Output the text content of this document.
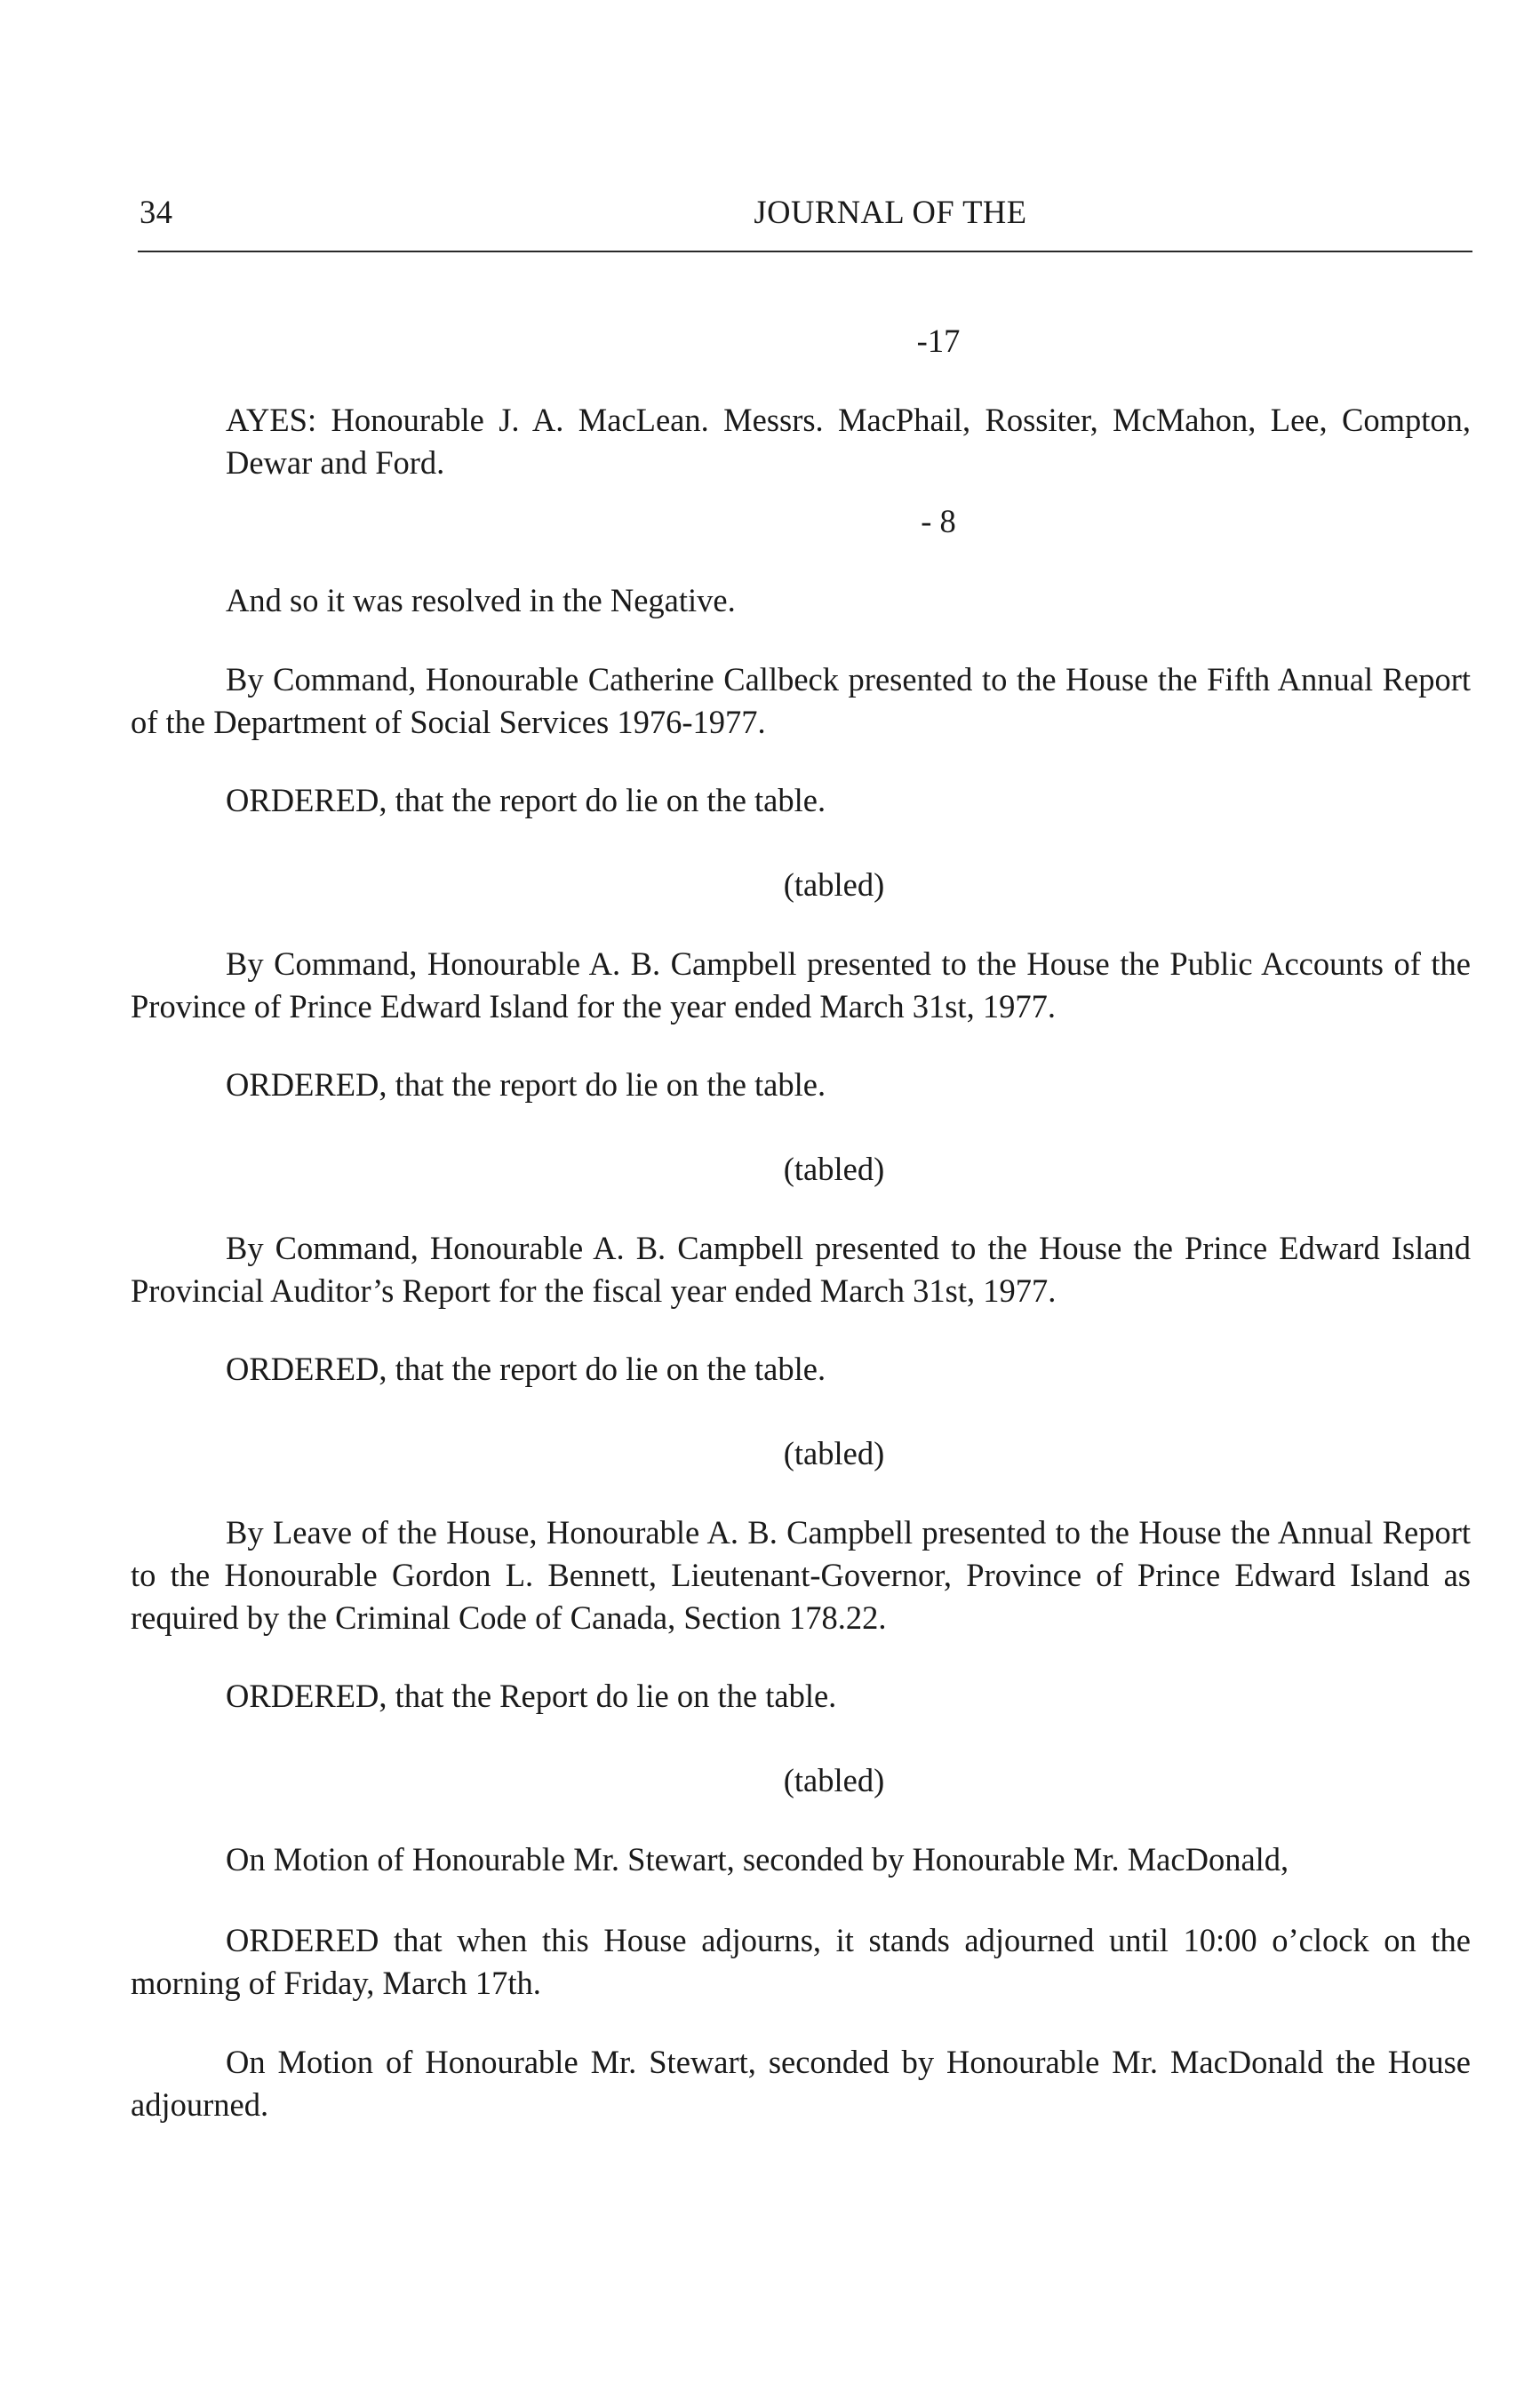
34	JOURNAL OF THE

-17

AYES: Honourable J. A. MacLean. Messrs. MacPhail, Rossiter, McMahon, Lee, Compton, Dewar and Ford.

- 8

And so it was resolved in the Negative.

By Command, Honourable Catherine Callbeck presented to the House the Fifth Annual Report of the Department of Social Services 1976-1977.

ORDERED, that the report do lie on the table.

(tabled)

By Command, Honourable A. B. Campbell presented to the House the Public Accounts of the Province of Prince Edward Island for the year ended March 31st, 1977.

ORDERED, that the report do lie on the table.

(tabled)

By Command, Honourable A. B. Campbell presented to the House the Prince Edward Island Provincial Auditor’s Report for the fiscal year ended March 31st, 1977.

ORDERED, that the report do lie on the table.

(tabled)

By Leave of the House, Honourable A. B. Campbell presented to the House the Annual Report to the Honourable Gordon L. Bennett, Lieutenant-Governor, Province of Prince Edward Island as required by the Criminal Code of Canada, Section 178.22.

ORDERED, that the Report do lie on the table.

(tabled)

On Motion of Honourable Mr. Stewart, seconded by Honourable Mr. MacDonald,

ORDERED that when this House adjourns, it stands adjourned until 10:00 o’clock on the morning of Friday, March 17th.

On Motion of Honourable Mr. Stewart, seconded by Honourable Mr. MacDonald the House adjourned.
